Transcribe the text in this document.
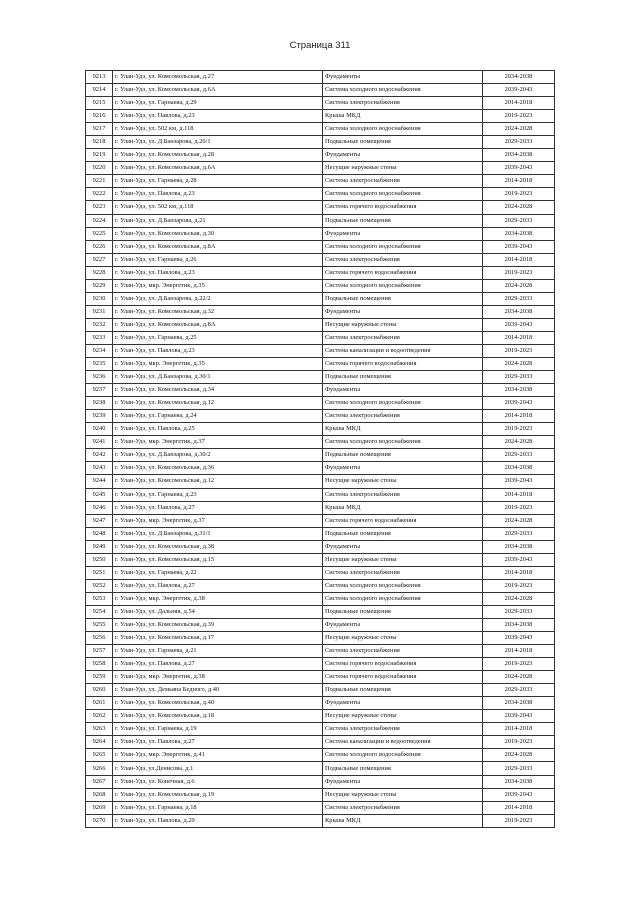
Страница 311
9213	г. Улан-Удэ, ул. Комсомольская, д.27	Фундаменты	2034-2038
9214	г. Улан-Удэ, ул. Комсомольская, д.6А	Система холодного водоснабжения	2039-2043
9215	г. Улан-Удэ, ул. Гарнаева, д.29	Система электроснабжения	2014-2018
9216	г. Улан-Удэ, ул. Павлова, д.23	Крыша МКД	2019-2023
9217	г. Улан-Удэ, ул. 502 км, д.118	Система холодного водоснабжения	2024-2028
9218	г. Улан-Удэ, ул. Д.Банзарова, д.20/1	Подвальные помещения	2029-2033
9219	г. Улан-Удэ, ул. Комсомольская, д.28	Фундаменты	2034-2038
9220	г. Улан-Удэ, ул. Комсомольская, д.6А	Несущие наружные стены	2039-2043
9221	г. Улан-Удэ, ул. Гарнаева, д.28	Система электроснабжения	2014-2018
9222	г. Улан-Удэ, ул. Павлова, д.23	Система холодного водоснабжения	2019-2023
9223	г. Улан-Удэ, ул. 502 км, д.118	Система горячего водоснабжения	2024-2028
9224	г. Улан-Удэ, ул. Д.Банзарова, д.21	Подвальные помещения	2029-2033
9225	г. Улан-Удэ, ул. Комсомольская, д.30	Фундаменты	2034-2038
9226	г. Улан-Удэ, ул. Комсомольская, д.8А	Система холодного водоснабжения	2039-2043
9227	г. Улан-Удэ, ул. Гарнаева, д.26	Система электроснабжения	2014-2018
9228	г. Улан-Удэ, ул. Павлова, д.23	Система горячего водоснабжения	2019-2023
9229	г. Улан-Удэ, мкр. Энергетик, д.35	Система холодного водоснабжения	2024-2028
9230	г. Улан-Удэ, ул. Д.Банзарова, д.22/2	Подвальные помещения	2029-2033
9231	г. Улан-Удэ, ул. Комсомольская, д.32	Фундаменты	2034-2038
9232	г. Улан-Удэ, ул. Комсомольская, д.8А	Несущие наружные стены	2039-2043
9233	г. Улан-Удэ, ул. Гарнаева, д.25	Система электроснабжения	2014-2018
9234	г. Улан-Удэ, ул. Павлова, д.23	Система канализации и водоотведения	2019-2023
9235	г. Улан-Удэ, мкр. Энергетик, д.35	Система горячего водоснабжения	2024-2028
9236	г. Улан-Удэ, ул. Д.Банзарова, д.30/1	Подвальные помещения	2029-2033
9237	г. Улан-Удэ, ул. Комсомольская, д.34	Фундаменты	2034-2038
9238	г. Улан-Удэ, ул. Комсомольская, д.12	Система холодного водоснабжения	2039-2043
9239	г. Улан-Удэ, ул. Гарнаева, д.24	Система электроснабжения	2014-2018
9240	г. Улан-Удэ, ул. Павлова, д.25	Крыша МКД	2019-2023
9241	г. Улан-Удэ, мкр. Энергетик, д.37	Система холодного водоснабжения	2024-2028
9242	г. Улан-Удэ, ул. Д.Банзарова, д.30/2	Подвальные помещения	2029-2033
9243	г. Улан-Удэ, ул. Комсомольская, д.36	Фундаменты	2034-2038
9244	г. Улан-Удэ, ул. Комсомольская, д.12	Несущие наружные стены	2039-2043
9245	г. Улан-Удэ, ул. Гарнаева, д.23	Система электроснабжения	2014-2018
9246	г. Улан-Удэ, ул. Павлова, д.27	Крыша МКД	2019-2023
9247	г. Улан-Удэ, мкр. Энергетик, д.37	Система горячего водоснабжения	2024-2028
9248	г. Улан-Удэ, ул. Д.Банзарова, д.31/1	Подвальные помещения	2029-2033
9249	г. Улан-Удэ, ул. Комсомольская, д.38	Фундаменты	2034-2038
9250	г. Улан-Удэ, ул. Комсомольская, д.15	Несущие наружные стены	2039-2043
9251	г. Улан-Удэ, ул. Гарнаева, д.22	Система электроснабжения	2014-2018
9252	г. Улан-Удэ, ул. Павлова, д.27	Система холодного водоснабжения	2019-2023
9253	г. Улан-Удэ, мкр. Энергетик, д.38	Система холодного водоснабжения	2024-2028
9254	г. Улан-Удэ, ул. Дальняя, д.54	Подвальные помещения	2029-2033
9255	г. Улан-Удэ, ул. Комсомольская, д.39	Фундаменты	2034-2038
9256	г. Улан-Удэ, ул. Комсомольская, д.17	Несущие наружные стены	2039-2043
9257	г. Улан-Удэ, ул. Гарнаева, д.21	Система электроснабжения	2014-2018
9258	г. Улан-Удэ, ул. Павлова, д.27	Система горячего водоснабжения	2019-2023
9259	г. Улан-Удэ, мкр. Энергетик, д.38	Система горячего водоснабжения	2024-2028
9260	г. Улан-Удэ, ул. Демьяна Бедного, д.40	Подвальные помещения	2029-2033
9261	г. Улан-Удэ, ул. Комсомольская, д.40	Фундаменты	2034-2038
9262	г. Улан-Удэ, ул. Комсомольская, д.18	Несущие наружные стены	2039-2043
9263	г. Улан-Удэ, ул. Гарнаева, д.19	Система электроснабжения	2014-2018
9264	г. Улан-Удэ, ул. Павлова, д.27	Система канализации и водоотведения	2019-2023
9265	г. Улан-Удэ, мкр. Энергетик, д.41	Система холодного водоснабжения	2024-2028
9266	г. Улан-Удэ, ул.Денисова, д.1	Подвальные помещения	2029-2033
9267	г. Улан-Удэ, ул. Конечная, д.6	Фундаменты	2034-2038
9268	г. Улан-Удэ, ул. Комсомольская, д.19	Несущие наружные стены	2039-2043
9269	г. Улан-Удэ, ул. Гарнаева, д.18	Система электроснабжения	2014-2018
9270	г. Улан-Удэ, ул. Павлова, д.29	Крыша МКД	2019-2023
